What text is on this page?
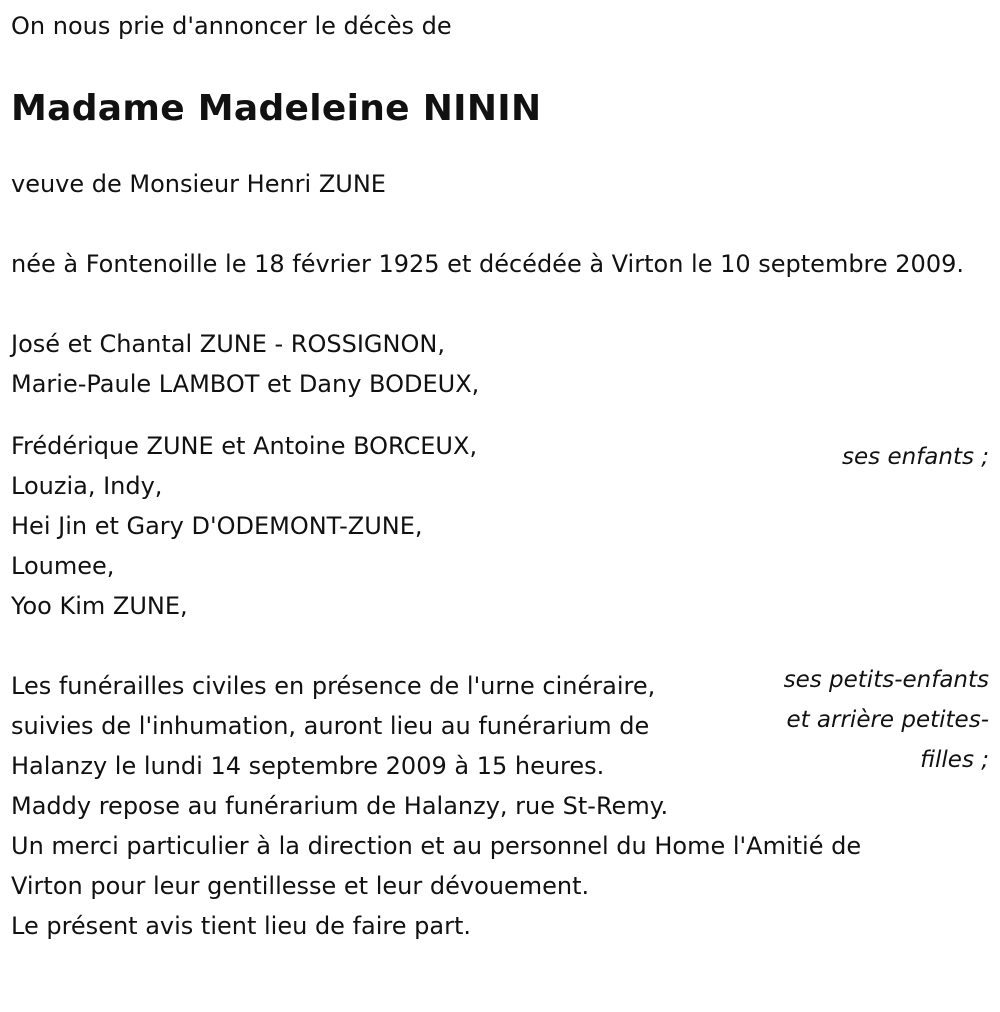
On nous prie d'annoncer le décès de

Madame Madeleine NININ

veuve de Monsieur Henri ZUNE

née à Fontenoille le 18 février 1925 et décédée à Virton le 10 septembre 2009.

José et Chantal ZUNE - ROSSIGNON,
Marie-Paule LAMBOT et Dany BODEUX,
Frédérique ZUNE et Antoine BORCEUX,
Louzia, Indy,
Hei Jin et Gary D'ODEMONT-ZUNE,
Loumee,
Yoo Kim ZUNE,
Les funérailles civiles en présence de l'urne cinéraire,
suivies de l'inhumation, auront lieu au funérarium de
Halanzy le lundi 14 septembre 2009 à 15 heures.
Maddy repose au funérarium de Halanzy, rue St-Remy.
Un merci particulier à la direction et au personnel du Home l'Amitié de
Virton pour leur gentillesse et leur dévouement.
Le présent avis tient lieu de faire part.
ses enfants ;
ses petits-enfants
et arrière petites-
filles ;
